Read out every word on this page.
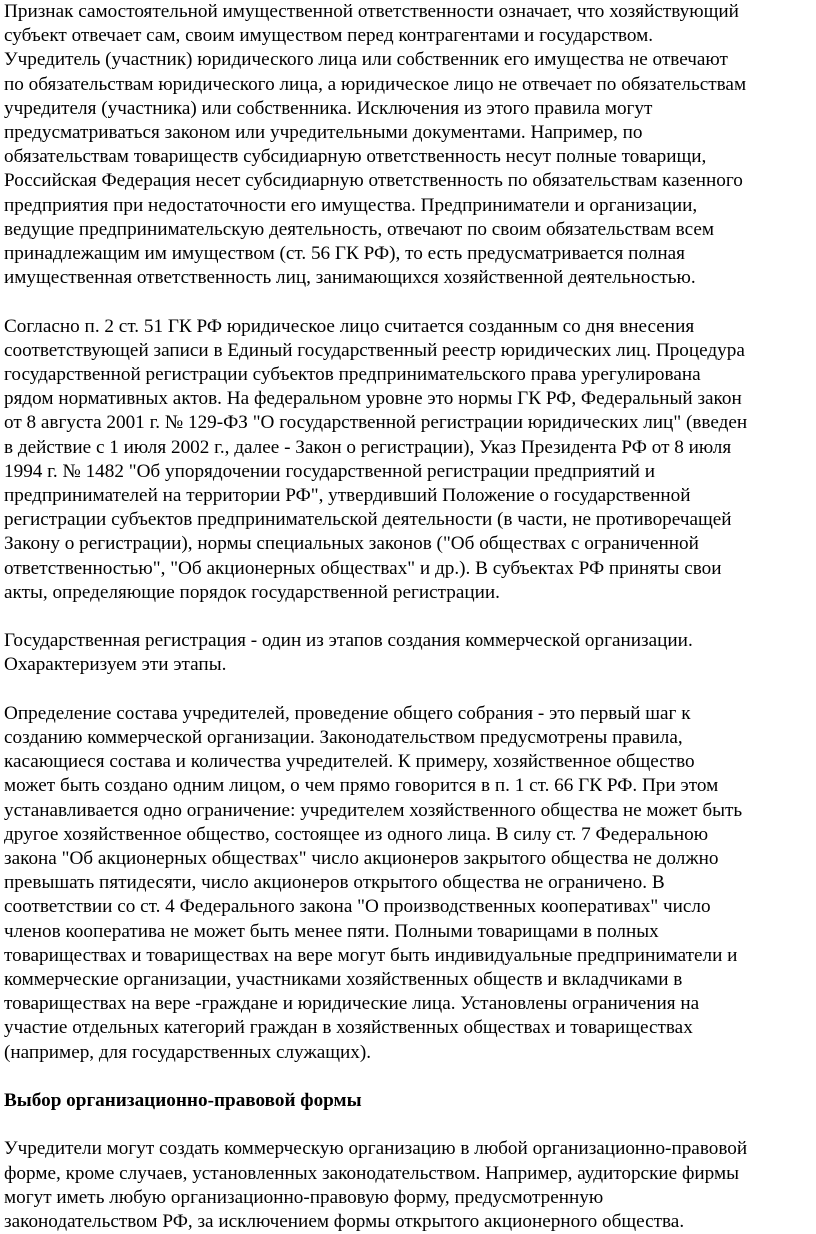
Признак самостоятельной имущественной ответственности означает, что хозяйствующий
субъект отвечает сам, своим имуществом перед контрагентами и государством.
Учредитель (участник) юридического лица или собственник его имущества не отвечают
по обязательствам юридического лица, а юридическое лицо не отвечает по обязательствам
учредителя (участника) или собственника. Исключения из этого правила могут
предусматриваться законом или учредительными документами. Например, по
обязательствам товариществ субсидиарную ответственность несут полные товарищи,
Российская Федерация несет субсидиарную ответственность по обязательствам казенного
предприятия при недостаточности его имущества. Предприниматели и организации,
ведущие предпринимательскую деятельность, отвечают по своим обязательствам всем
принадлежащим им имуществом (ст. 56 ГК РФ), то есть предусматривается полная
имущественная ответственность лиц, занимающихся хозяйственной деятельностью.

Согласно п. 2 ст. 51 ГК РФ юридическое лицо считается созданным со дня внесения
соответствующей записи в Единый государственный реестр юридических лиц. Процедура
государственной регистрации субъектов предпринимательского права урегулирована
рядом нормативных актов. На федеральном уровне это нормы ГК РФ, Федеральный закон
от 8 августа 2001 г. № 129-ФЗ "О государственной регистрации юридических лиц" (введен
в действие с 1 июля 2002 г., далее - Закон о регистрации), Указ Президента РФ от 8 июля
1994 г. № 1482 "Об упорядочении государственной регистрации предприятий и
предпринимателей на территории РФ", утвердивший Положение о государственной
регистрации субъектов предпринимательской деятельности (в части, не противоречащей
Закону о регистрации), нормы специальных законов ("Об обществах с ограниченной
ответственностью", "Об акционерных обществах" и др.). В субъектах РФ приняты свои
акты, определяющие порядок государственной регистрации.

Государственная регистрация - один из этапов создания коммерческой организации.
Охарактеризуем эти этапы.

Определение состава учредителей, проведение общего собрания - это первый шаг к
созданию коммерческой организации. Законодательством предусмотрены правила,
касающиеся состава и количества учредителей. К примеру, хозяйственное общество
может быть создано одним лицом, о чем прямо говорится в п. 1 ст. 66 ГК РФ. При этом
устанавливается одно ограничение: учредителем хозяйственного общества не может быть
другое хозяйственное общество, состоящее из одного лица. В силу ст. 7 Федеральною
закона "Об акционерных обществах" число акционеров закрытого общества не должно
превышать пятидесяти, число акционеров открытого общества не ограничено. В
соответствии со ст. 4 Федерального закона "О производственных кооперативах" число
членов кооператива не может быть менее пяти. Полными товарищами в полных
товариществах и товариществах на вере могут быть индивидуальные предприниматели и
коммерческие организации, участниками хозяйственных обществ и вкладчиками в
товариществах на вере -граждане и юридические лица. Установлены ограничения на
участие отдельных категорий граждан в хозяйственных обществах и товариществах
(например, для государственных служащих).

Выбор организационно-правовой формы

Учредители могут создать коммерческую организацию в любой организационно-правовой
форме, кроме случаев, установленных законодательством. Например, аудиторские фирмы
могут иметь любую организационно-правовую форму, предусмотренную
законодательством РФ, за исключением формы открытого акционерного общества.
